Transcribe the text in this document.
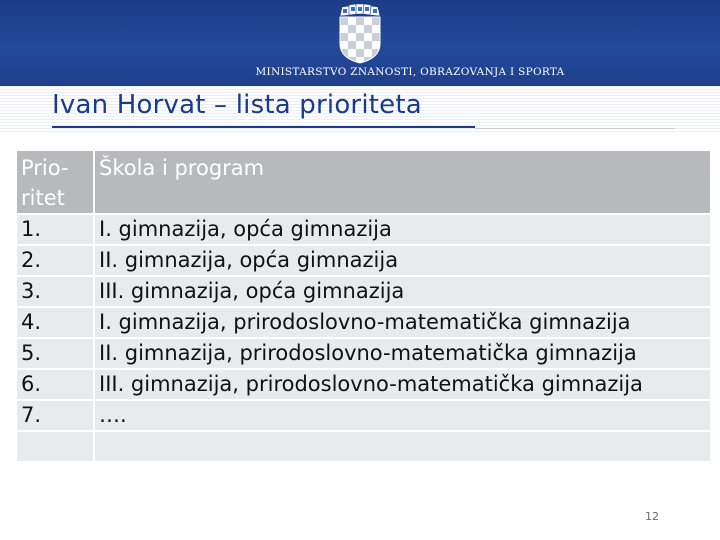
MINISTARSTVO ZNANOSTI, OBRAZOVANJA I SPORTA
Ivan Horvat – lista prioriteta
Prio-
ritet	Škola i program
1.	I. gimnazija, opća gimnazija
2.	II. gimnazija, opća gimnazija
3.	III. gimnazija, opća gimnazija
4.	I. gimnazija, prirodoslovno-matematička gimnazija
5.	II. gimnazija, prirodoslovno-matematička gimnazija
6.	III. gimnazija, prirodoslovno-matematička gimnazija
7.	….

12
